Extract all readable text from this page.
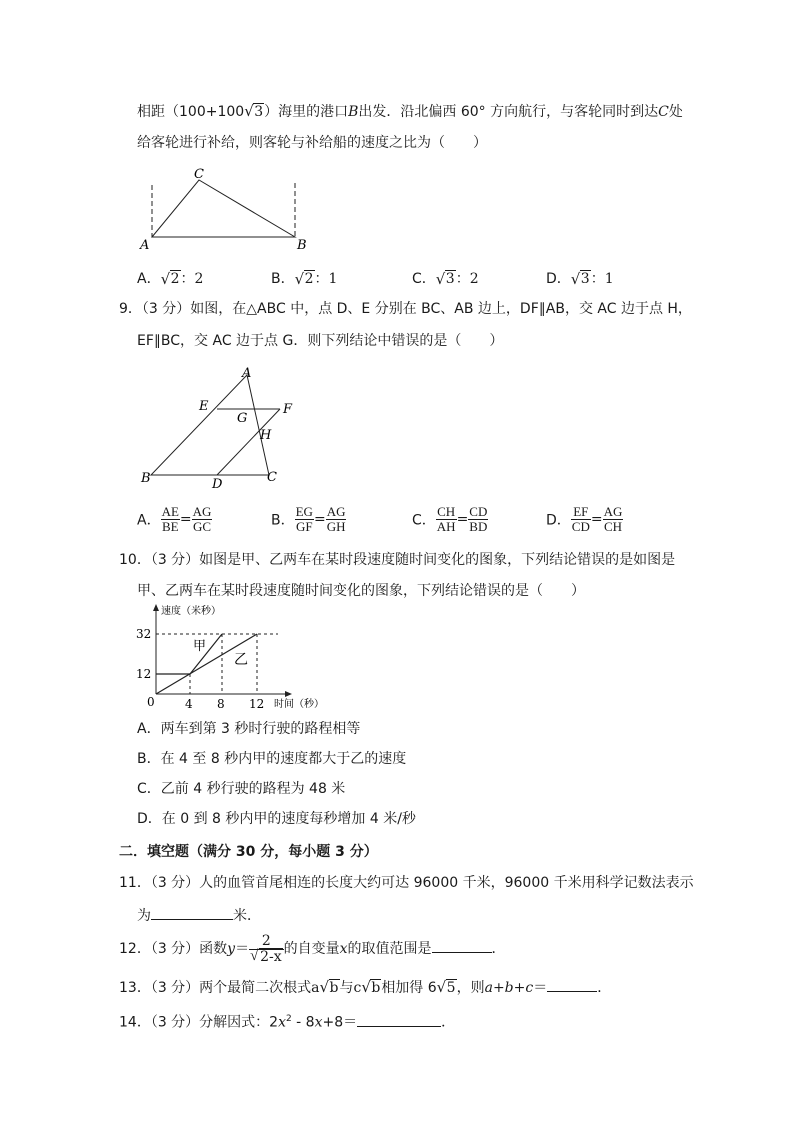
相距（100+100 √ 3）海里的港口B出发．沿北偏西 60° 方向航行，与客轮同时到达C处
给客轮进行补给，则客轮与补给船的速度之比为（　　）
C
A	B
A． √ 2：2	B． √ 2：1	C． √ 3：2	D． √ 3：1
9．（3 分）如图，在△ABC 中，点 D、E 分别在 BC、AB 边上，DF∥AB，交 AC 边于点 H，
EF∥BC，交 AC 边于点 G．则下列结论中错误的是（　　）
A
E
G
F
H
B	D	C
A． $\frac{AE}{BE} = \frac{AG}{GC}$	B． $\frac{EG}{GF} = \frac{AG}{GH}$	C． $\frac{CH}{AH} = \frac{CD}{BD}$	D． $\frac{EF}{CD} = \frac{AG}{CH}$
10．（3 分）如图是甲、乙两车在某时段速度随时间变化的图象，下列结论错误的是如图是
甲、乙两车在某时段速度随时间变化的图象，下列结论错误的是（　　）
速度（米秒）
32
12
0	4 8 12 时间（秒）
甲
乙
A．两车到第 3 秒时行驶的路程相等
B．在 4 至 8 秒内甲的速度都大于乙的速度
C．乙前 4 秒行驶的路程为 48 米
D．在 0 到 8 秒内甲的速度每秒增加 4 米/秒
二．填空题（满分 30 分，每小题 3 分）
11．（3 分）人的血管首尾相连的长度大约可达 96000 千米，96000 千米用科学记数法表示
为	米．
12．（3 分）函数$y= \frac{2}{√ 2-x}$ 的自变量x的取值范围是	．
13．（3 分）两个最简二次根式a √ b与c √ b相加得 6 √ 5，则a+b+c＝	．
14．（3 分）分解因式：$2x^2 - 8x+8=$	．
